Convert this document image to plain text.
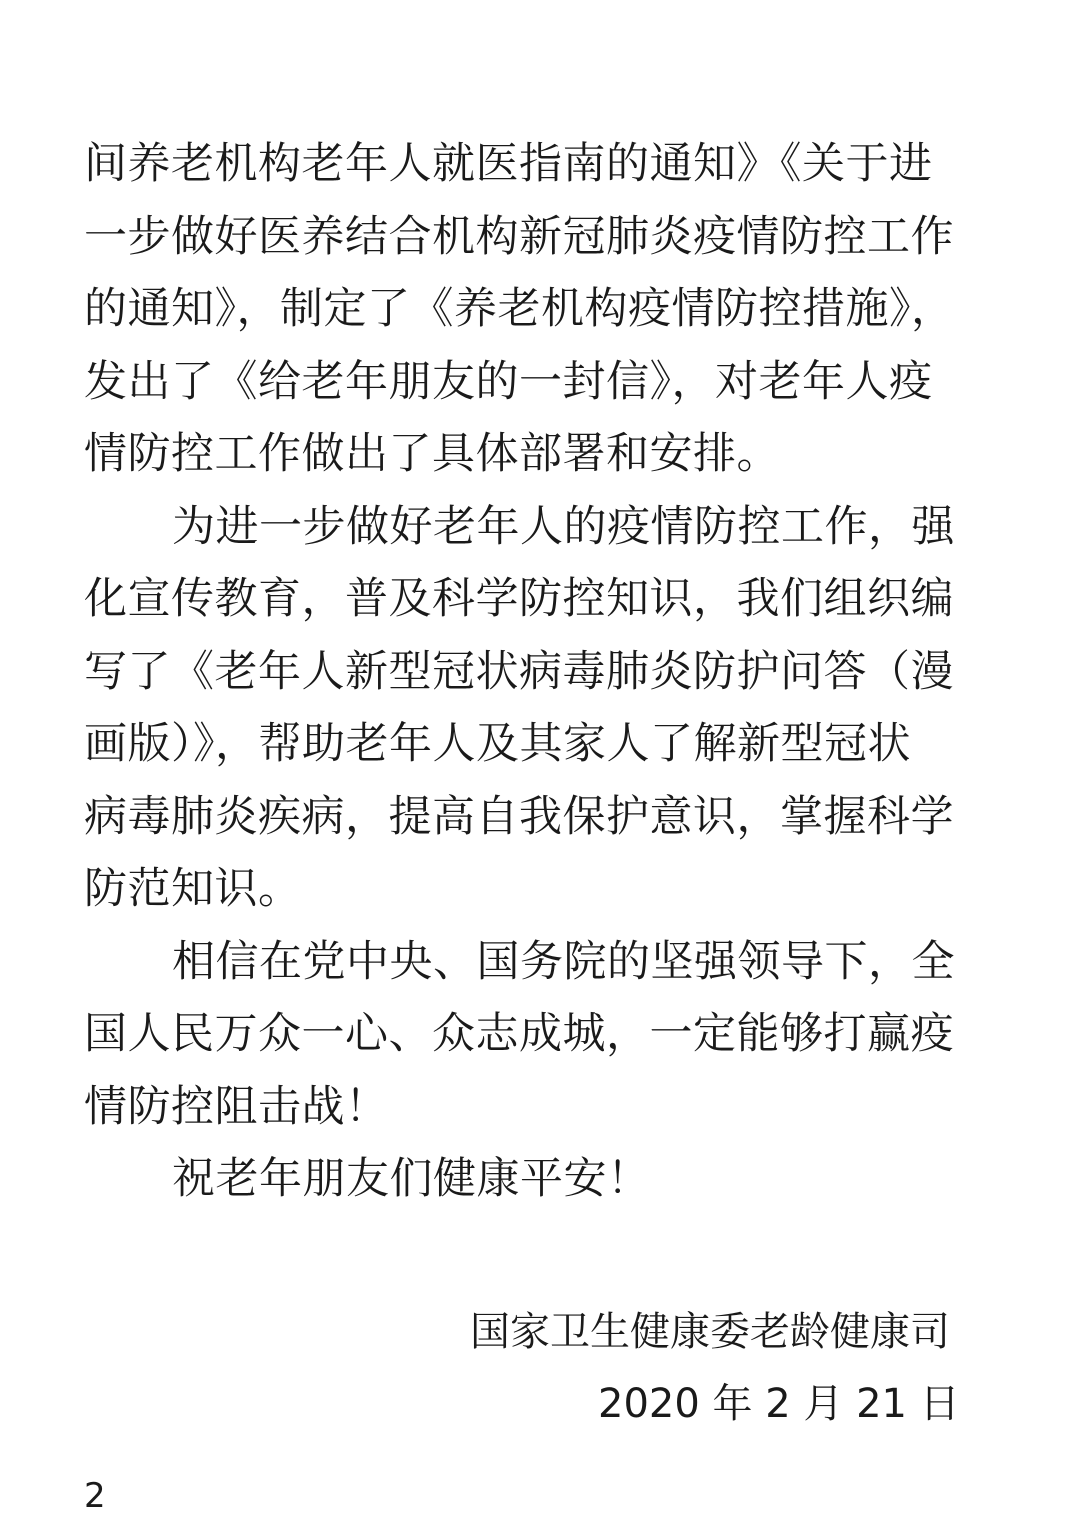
间养老机构老年人就医指南的通知》《关于进
一步做好医养结合机构新冠肺炎疫情防控工作
的通知》，制定了《养老机构疫情防控措施》，
发出了《给老年朋友的一封信》，对老年人疫
情防控工作做出了具体部署和安排。
为进一步做好老年人的疫情防控工作，强
化宣传教育，普及科学防控知识，我们组织编
写了《老年人新型冠状病毒肺炎防护问答（漫
画版）》，帮助老年人及其家人了解新型冠状
病毒肺炎疾病，提高自我保护意识，掌握科学
防范知识。
相信在党中央、国务院的坚强领导下，全
国人民万众一心、众志成城，一定能够打赢疫
情防控阻击战！
祝老年朋友们健康平安！
国家卫生健康委老龄健康司
2020 年 2 月 21 日
2
